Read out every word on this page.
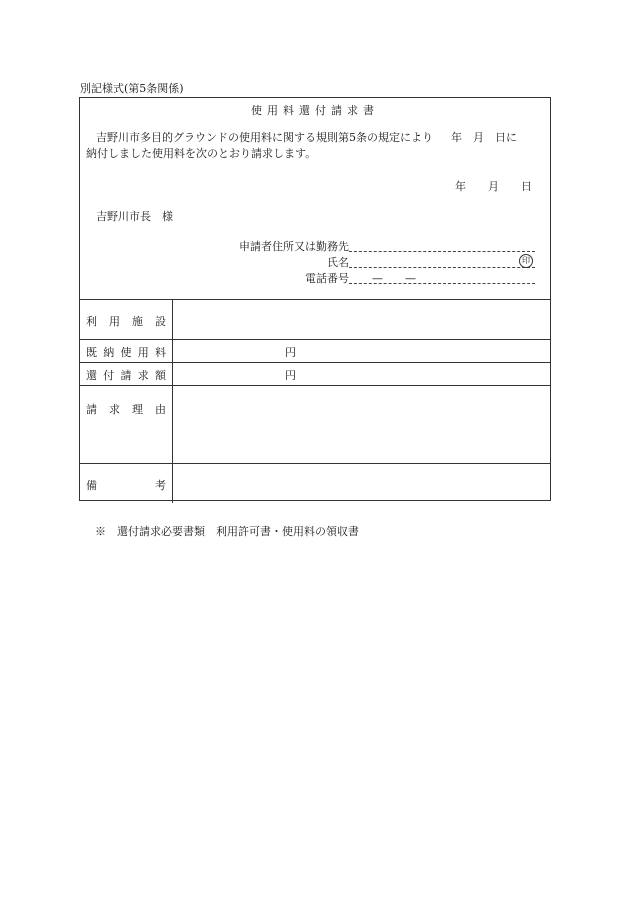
別記様式(第5条関係)
使用料還付請求書
吉野川市多目的グラウンドの使用料に関する規則第5条の規定により 年　月　日に
納付しました使用料を次のとおり請求します。
年　　月　　日
吉野川市長　様
申請者住所又は勤務先
氏名	印
電話番号 —　　—
利用施設
既納使用料	円
還付請求額	円
請求理由
備考
※　還付請求必要書類　利用許可書・使用料の領収書
